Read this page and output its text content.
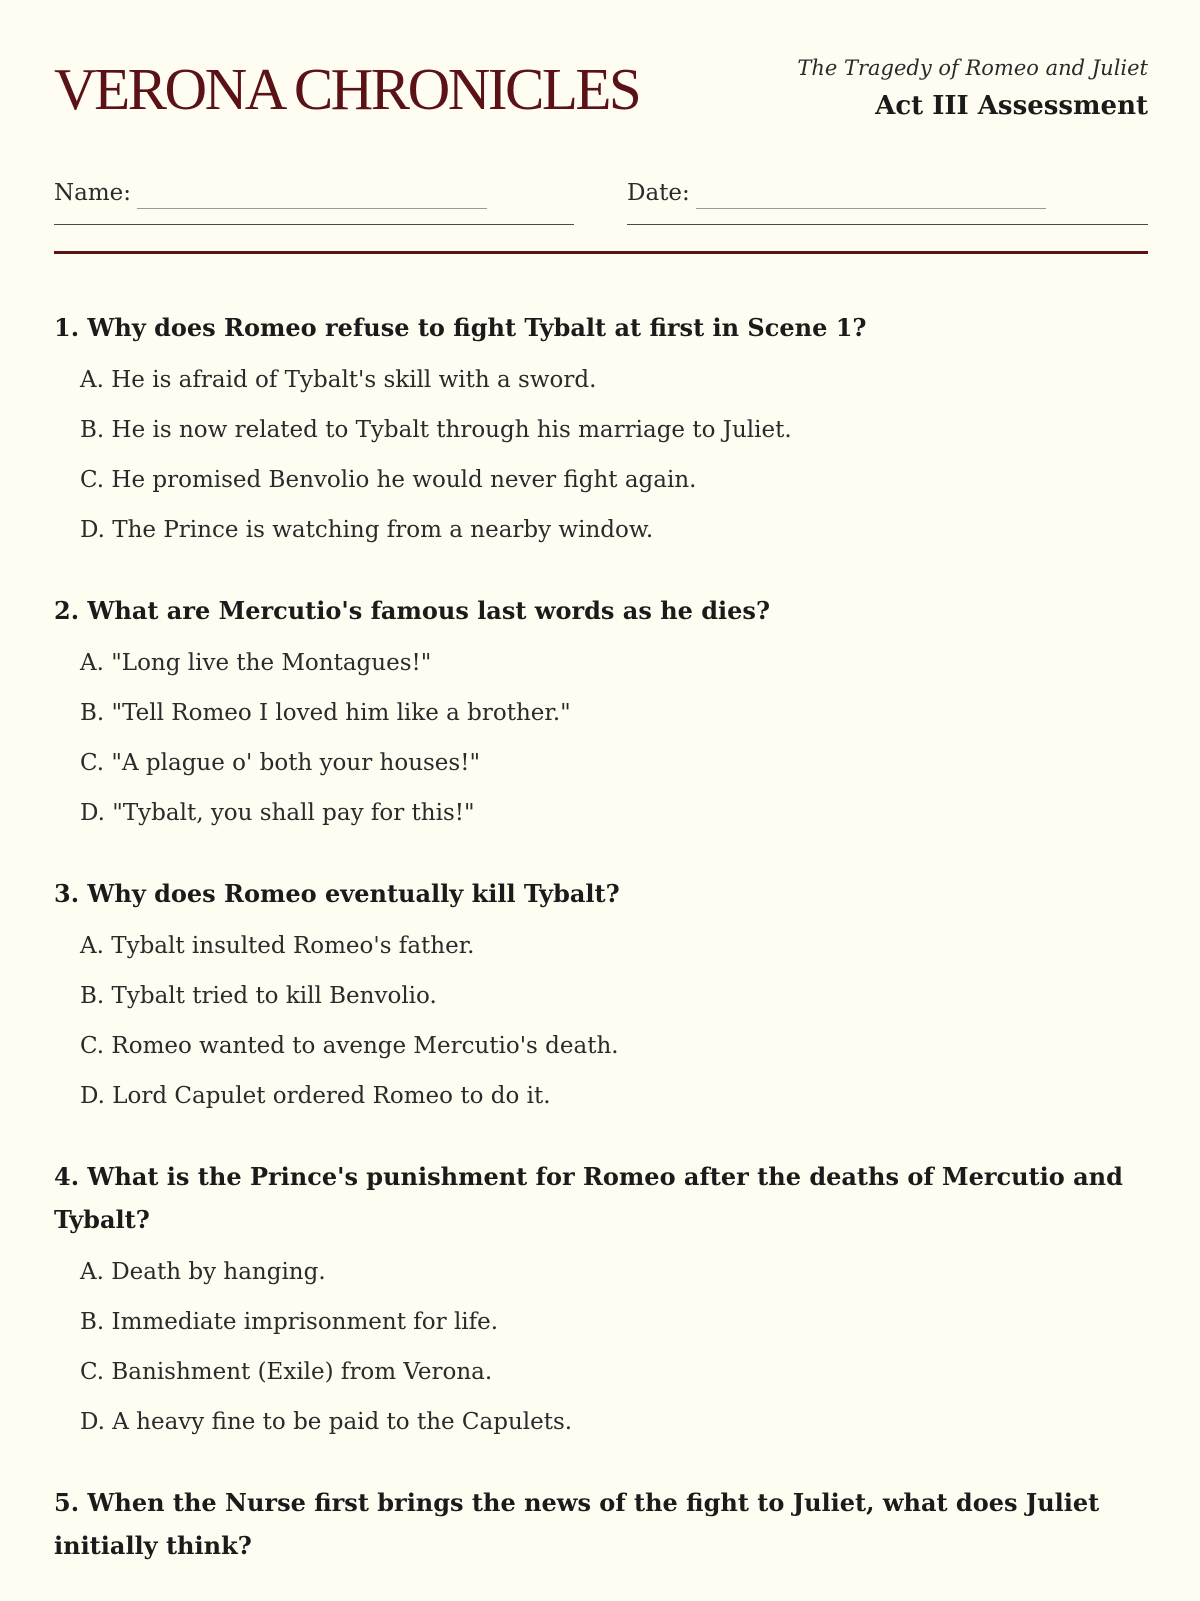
VERONA CHRONICLES	The Tragedy of Romeo and Juliet
Act III Assessment
Name:	Date:

1. Why does Romeo refuse to fight Tybalt at first in Scene 1?

A. He is afraid of Tybalt's skill with a sword.
B. He is now related to Tybalt through his marriage to Juliet.
C. He promised Benvolio he would never fight again.
D. The Prince is watching from a nearby window.

2. What are Mercutio's famous last words as he dies?

A. "Long live the Montagues!"
B. "Tell Romeo I loved him like a brother."
C. "A plague o' both your houses!"
D. "Tybalt, you shall pay for this!"

3. Why does Romeo eventually kill Tybalt?

A. Tybalt insulted Romeo's father.
B. Tybalt tried to kill Benvolio.
C. Romeo wanted to avenge Mercutio's death.
D. Lord Capulet ordered Romeo to do it.

4. What is the Prince's punishment for Romeo after the deaths of Mercutio and Tybalt?

A. Death by hanging.
B. Immediate imprisonment for life.
C. Banishment (Exile) from Verona.
D. A heavy fine to be paid to the Capulets.

5. When the Nurse first brings the news of the fight to Juliet, what does Juliet initially think?
